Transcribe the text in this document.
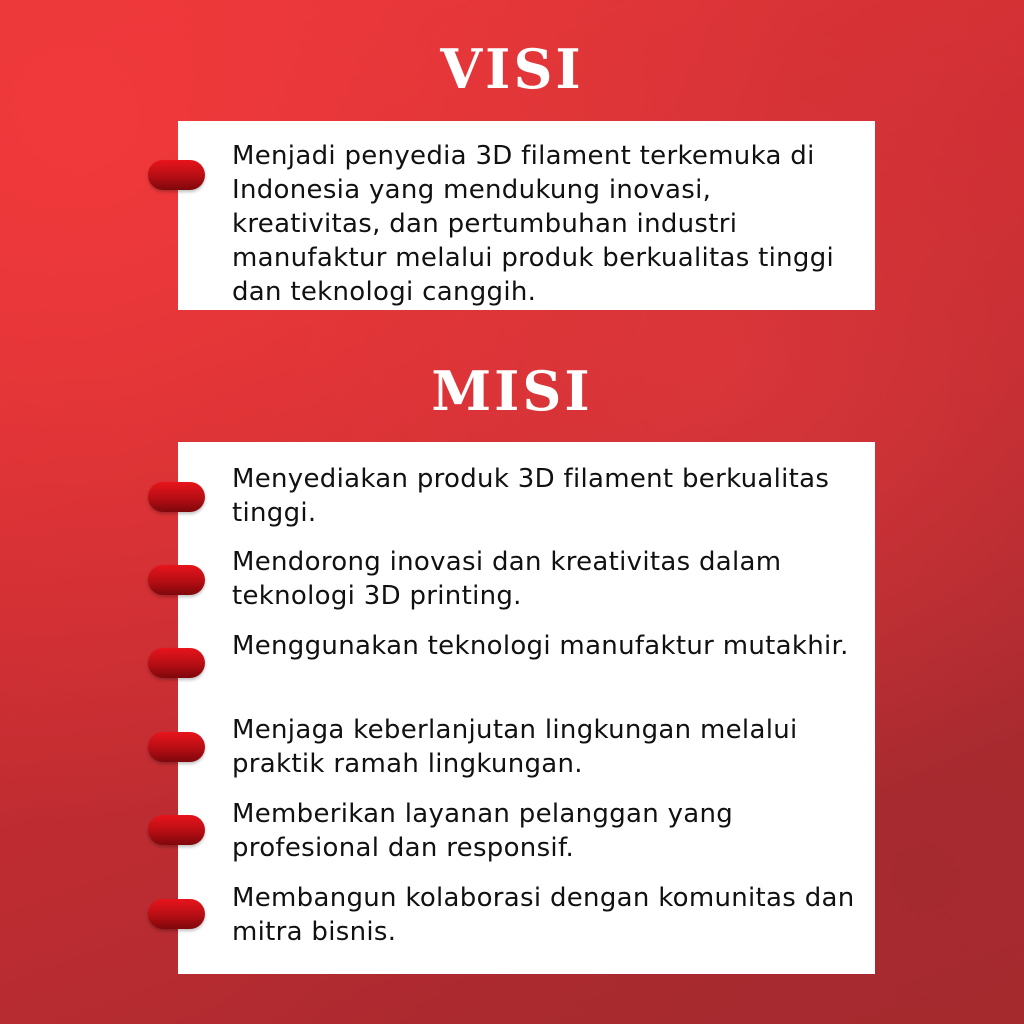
VISI

Menjadi penyedia 3D filament terkemuka di Indonesia yang mendukung inovasi, kreativitas, dan pertumbuhan industri manufaktur melalui produk berkualitas tinggi dan teknologi canggih.

MISI

Menyediakan produk 3D filament berkualitas tinggi.

Mendorong inovasi dan kreativitas dalam teknologi 3D printing.

Menggunakan teknologi manufaktur mutakhir.

Menjaga keberlanjutan lingkungan melalui praktik ramah lingkungan.

Memberikan layanan pelanggan yang profesional dan responsif.

Membangun kolaborasi dengan komunitas dan mitra bisnis.
